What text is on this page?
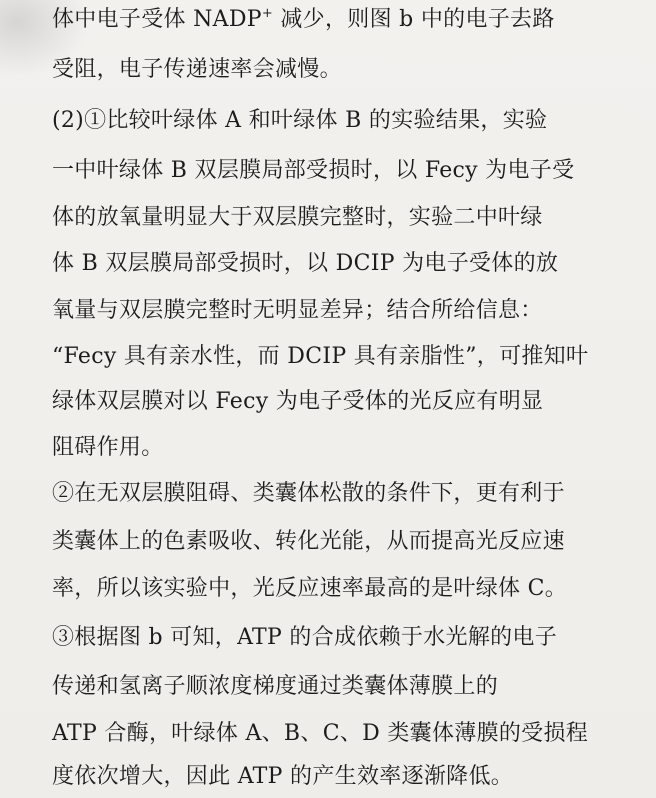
体中电子受体 NADP+ 减少，则图 b 中的电子去路
受阻，电子传递速率会减慢。
(2)①比较叶绿体 A 和叶绿体 B 的实验结果，实验
一中叶绿体 B 双层膜局部受损时，以 Fecy 为电子受
体的放氧量明显大于双层膜完整时，实验二中叶绿
体 B 双层膜局部受损时，以 DCIP 为电子受体的放
氧量与双层膜完整时无明显差异；结合所给信息：
“Fecy 具有亲水性，而 DCIP 具有亲脂性”，可推知叶
绿体双层膜对以 Fecy 为电子受体的光反应有明显
阻碍作用。
②在无双层膜阻碍、类囊体松散的条件下，更有利于
类囊体上的色素吸收、转化光能，从而提高光反应速
率，所以该实验中，光反应速率最高的是叶绿体 C。
③根据图 b 可知，ATP 的合成依赖于水光解的电子
传递和氢离子顺浓度梯度通过类囊体薄膜上的
ATP 合酶，叶绿体 A、B、C、D 类囊体薄膜的受损程
度依次增大，因此 ATP 的产生效率逐渐降低。
